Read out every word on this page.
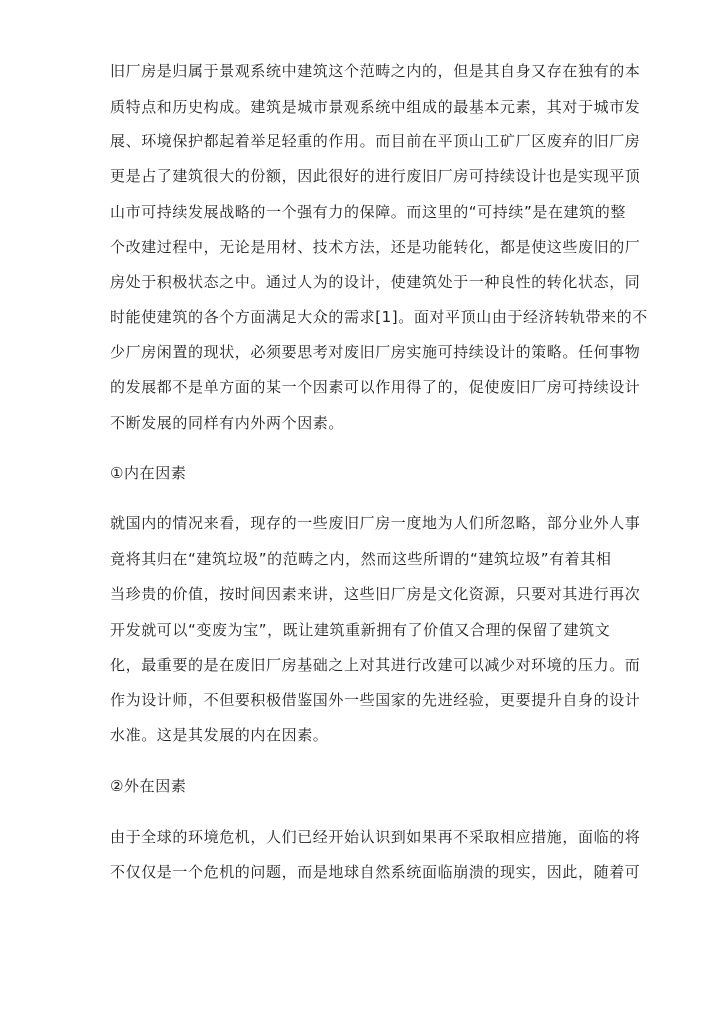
旧厂房是归属于景观系统中建筑这个范畴之内的，但是其自身又存在独有的本
质特点和历史构成。建筑是城市景观系统中组成的最基本元素，其对于城市发
展、环境保护都起着举足轻重的作用。而目前在平顶山工矿厂区废弃的旧厂房
更是占了建筑很大的份额，因此很好的进行废旧厂房可持续设计也是实现平顶
山市可持续发展战略的一个强有力的保障。而这里的“可持续”是在建筑的整
个改建过程中，无论是用材、技术方法，还是功能转化，都是使这些废旧的厂
房处于积极状态之中。通过人为的设计，使建筑处于一种良性的转化状态，同
时能使建筑的各个方面满足大众的需求[1]。面对平顶山由于经济转轨带来的不
少厂房闲置的现状，必须要思考对废旧厂房实施可持续设计的策略。任何事物
的发展都不是单方面的某一个因素可以作用得了的，促使废旧厂房可持续设计
不断发展的同样有内外两个因素。
①内在因素
就国内的情况来看，现存的一些废旧厂房一度地为人们所忽略，部分业外人事
竟将其归在“建筑垃圾”的范畴之内，然而这些所谓的“建筑垃圾”有着其相
当珍贵的价值，按时间因素来讲，这些旧厂房是文化资源，只要对其进行再次
开发就可以“变废为宝”，既让建筑重新拥有了价值又合理的保留了建筑文
化，最重要的是在废旧厂房基础之上对其进行改建可以减少对环境的压力。而
作为设计师，不但要积极借鉴国外一些国家的先进经验，更要提升自身的设计
水准。这是其发展的内在因素。
②外在因素
由于全球的环境危机，人们已经开始认识到如果再不采取相应措施，面临的将
不仅仅是一个危机的问题，而是地球自然系统面临崩溃的现实，因此，随着可
